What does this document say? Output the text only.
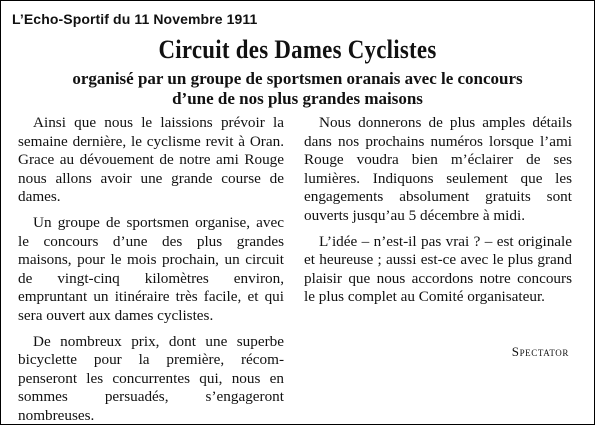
L’Echo-Sportif du 11 Novembre 1911
Circuit des Dames Cyclistes
organisé par un groupe de sportsmen oranais avec le concours d’une de nos plus grandes maisons

Ainsi que nous le laissions prévoir la semaine dernière, le cyclisme revit à Oran. Grace au dévouement de notre ami Rouge nous allons avoir une grande course de dames.

Un groupe de sportsmen organise, avec le concours d’une des plus grandes maisons, pour le mois prochain, un circuit de vingt-cinq kilomètres environ, empruntant un itinéraire très facile, et qui sera ouvert aux dames cyclistes.

De nombreux prix, dont une superbe bicyclette pour la première, récompenseront les concurrentes qui, nous en sommes persuadés, s’engageront nombreuses.

Nous donnerons de plus amples détails dans nos prochains numéros lorsque l’ami Rouge voudra bien m’éclairer de ses lumières. Indiquons seulement que les engagements absolument gratuits sont ouverts jusqu’au 5 décembre à midi.

L’idée – n’est-il pas vrai ? – est originale et heureuse ; aussi est-ce avec le plus grand plaisir que nous accordons notre concours le plus complet au Comité organisateur.

Spectator
